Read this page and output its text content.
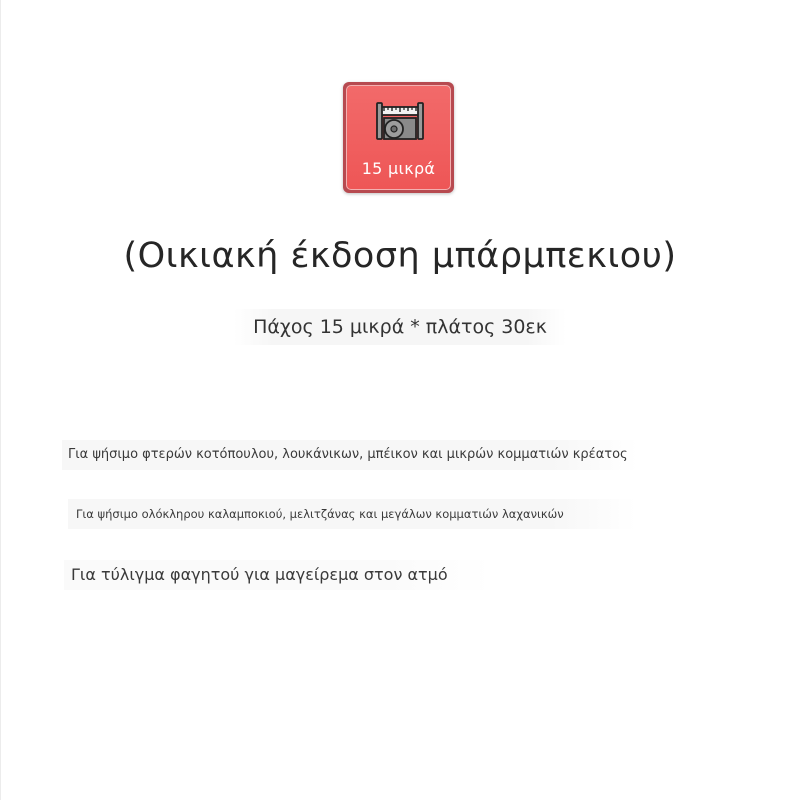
15 μικρά
(Οικιακή έκδοση μπάρμπεκιου)
Πάχος 15 μικρά * πλάτος 30εκ
Για ψήσιμο φτερών κοτόπουλου, λουκάνικων, μπέικον και μικρών κομματιών κρέατος
Για ψήσιμο ολόκληρου καλαμποκιού, μελιτζάνας και μεγάλων κομματιών λαχανικών
Για τύλιγμα φαγητού για μαγείρεμα στον ατμό
